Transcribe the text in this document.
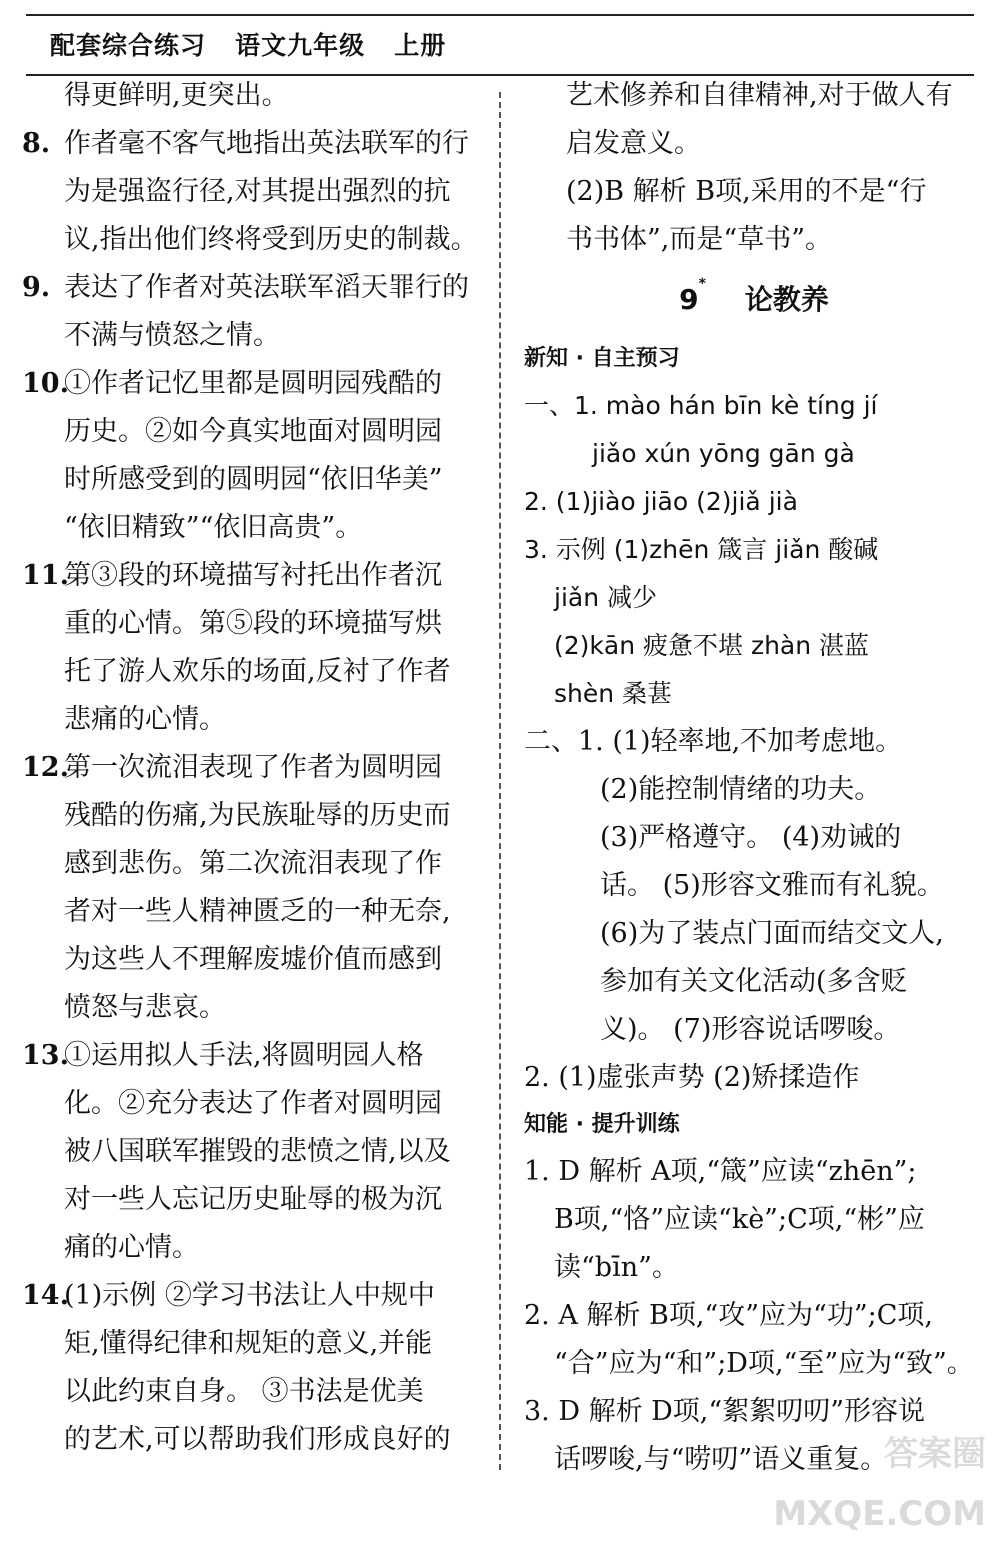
配套综合练习   语文九年级   上册
得更鲜明,更突出。
8. 作者毫不客气地指出英法联军的行
为是强盗行径,对其提出强烈的抗
议,指出他们终将受到历史的制裁。
9. 表达了作者对英法联军滔天罪行的
不满与愤怒之情。
10.①作者记忆里都是圆明园残酷的
历史。②如今真实地面对圆明园
时所感受到的圆明园“依旧华美”
“依旧精致”“依旧高贵”。
11.第③段的环境描写衬托出作者沉
重的心情。第⑤段的环境描写烘
托了游人欢乐的场面,反衬了作者
悲痛的心情。
12.第一次流泪表现了作者为圆明园
残酷的伤痛,为民族耻辱的历史而
感到悲伤。第二次流泪表现了作
者对一些人精神匮乏的一种无奈,
为这些人不理解废墟价值而感到
愤怒与悲哀。
13.①运用拟人手法,将圆明园人格
化。②充分表达了作者对圆明园
被八国联军摧毁的悲愤之情,以及
对一些人忘记历史耻辱的极为沉
痛的心情。
14.(1)示例 ②学习书法让人中规中
矩,懂得纪律和规矩的意义,并能
以此约束自身。 ③书法是优美
的艺术,可以帮助我们形成良好的
艺术修养和自律精神,对于做人有
启发意义。
(2)B 解析 B项,采用的不是“行
书书体”,而是“草书”。
9* 论教养
新知 · 自主预习
一、1. mào hán bīn kè tíng jí
jiǎo xún yōng gān gà
2. (1)jiào jiāo (2)jiǎ jià
3. 示例 (1)zhēn 箴言 jiǎn 酸碱
jiǎn 减少
(2)kān 疲惫不堪 zhàn 湛蓝
shèn 桑葚
二、1. (1)轻率地,不加考虑地。
(2)能控制情绪的功夫。
(3)严格遵守。 (4)劝诫的
话。 (5)形容文雅而有礼貌。
(6)为了装点门面而结交文人,
参加有关文化活动(多含贬
义)。 (7)形容说话啰唆。
2. (1)虚张声势 (2)矫揉造作
知能 · 提升训练
1. D 解析 A项,“箴”应读“zhēn”;
B项,“恪”应读“kè”;C项,“彬”应
读“bīn”。
2. A 解析 B项,“攻”应为“功”;C项,
“合”应为“和”;D项,“至”应为“致”。
3. D 解析 D项,“絮絮叨叨”形容说
话啰唆,与“唠叨”语义重复。
答案圈 MXQE.COM
